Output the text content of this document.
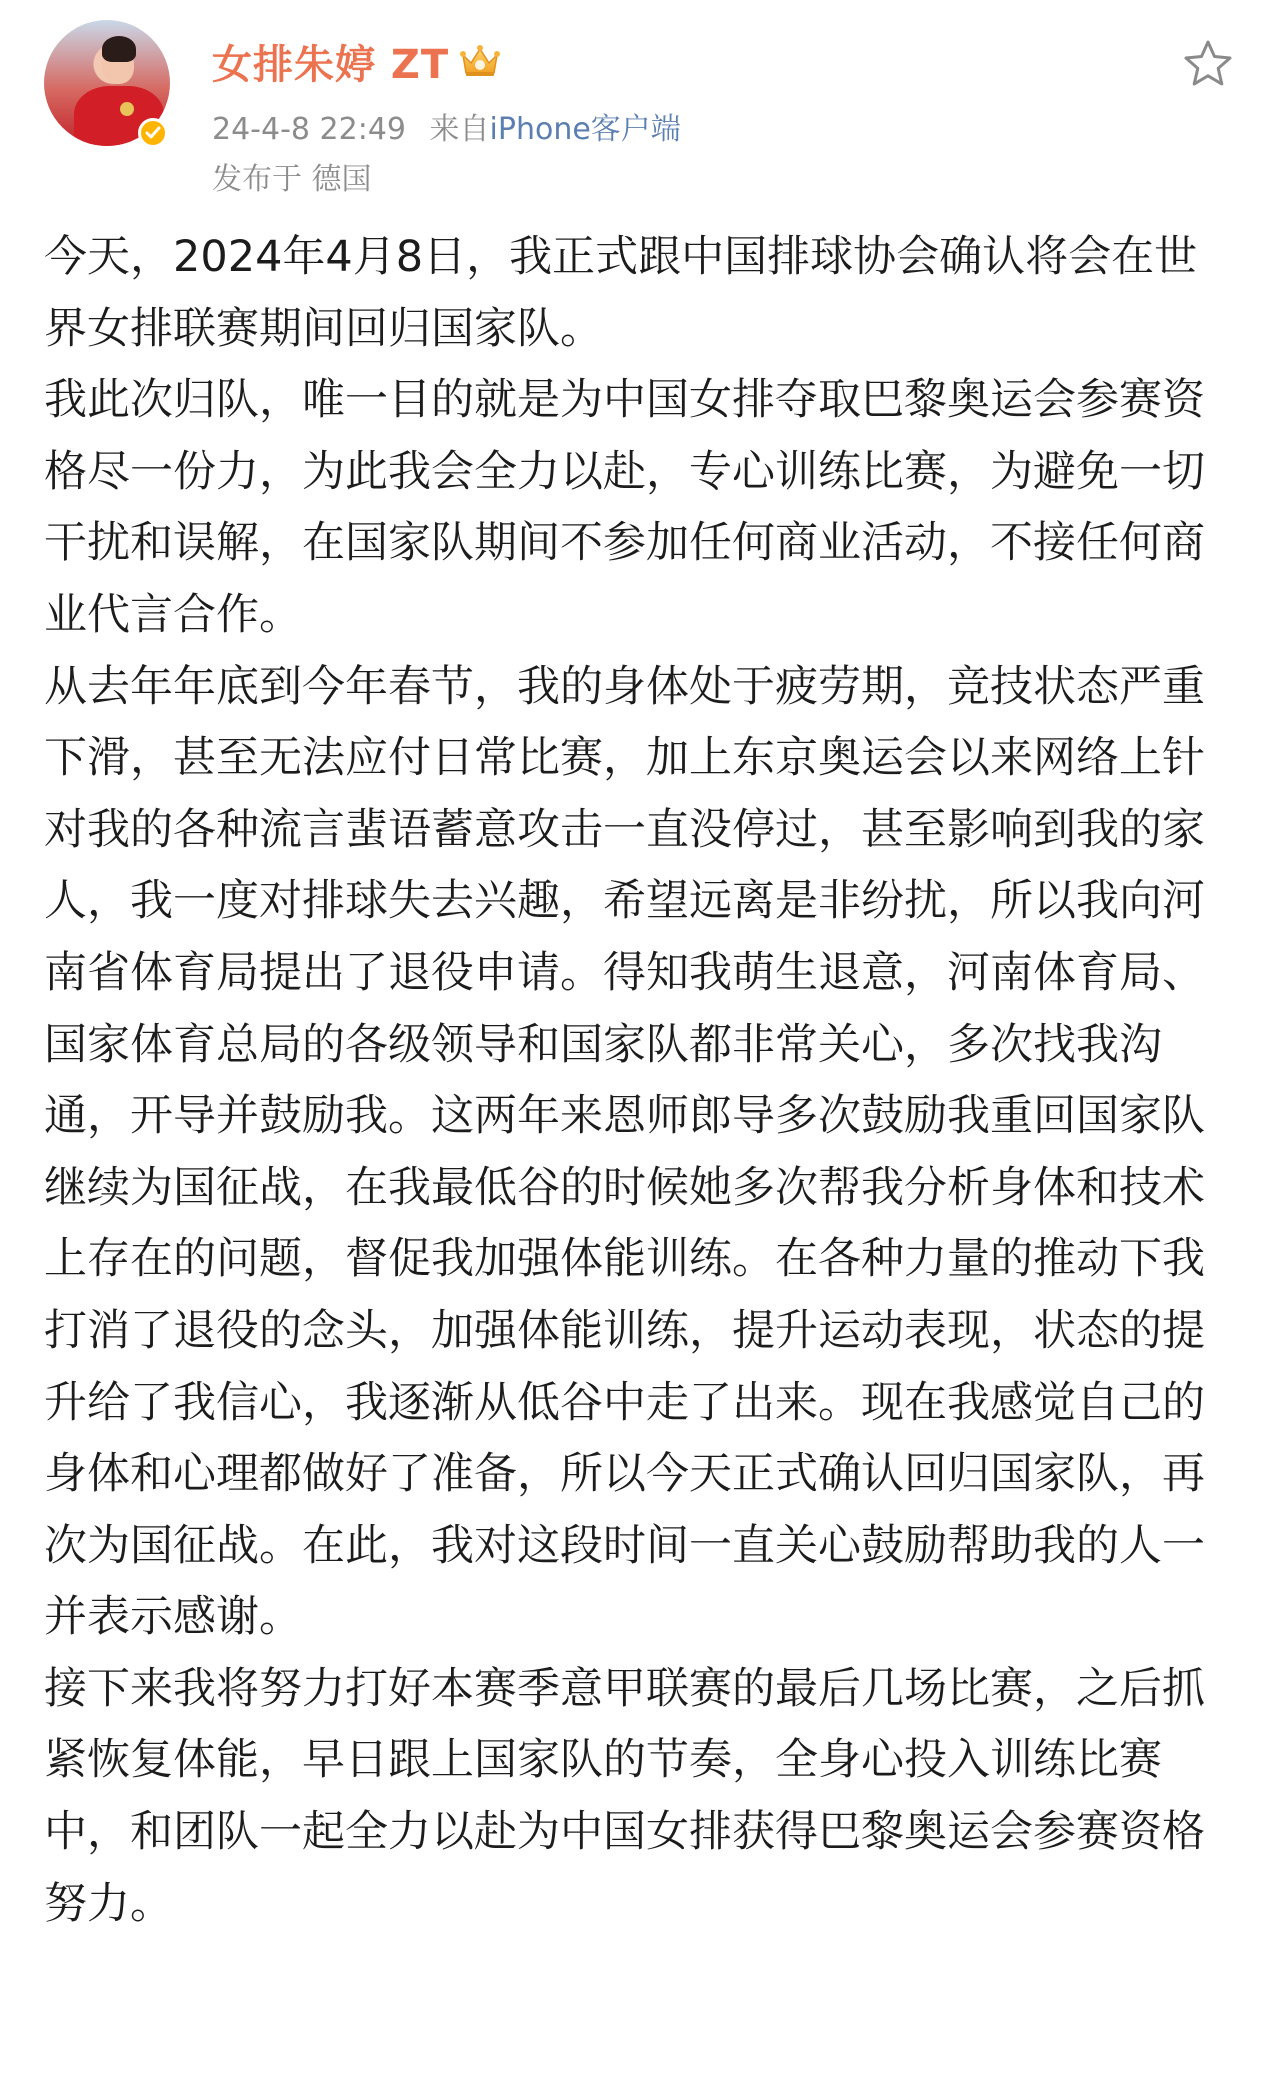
女排朱婷 ZT
24-4-8 22:49 来自iPhone客户端
发布于 德国

今天，2024年4月8日，我正式跟中国排球协会确认将会在世界女排联赛期间回归国家队。

我此次归队，唯一目的就是为中国女排夺取巴黎奥运会参赛资格尽一份力，为此我会全力以赴，专心训练比赛，为避免一切干扰和误解，在国家队期间不参加任何商业活动，不接任何商业代言合作。

从去年年底到今年春节，我的身体处于疲劳期，竞技状态严重下滑，甚至无法应付日常比赛，加上东京奥运会以来网络上针对我的各种流言蜚语蓄意攻击一直没停过，甚至影响到我的家人，我一度对排球失去兴趣，希望远离是非纷扰，所以我向河南省体育局提出了退役申请。得知我萌生退意，河南体育局、国家体育总局的各级领导和国家队都非常关心，多次找我沟通，开导并鼓励我。这两年来恩师郎导多次鼓励我重回国家队继续为国征战，在我最低谷的时候她多次帮我分析身体和技术上存在的问题，督促我加强体能训练。在各种力量的推动下我打消了退役的念头，加强体能训练，提升运动表现，状态的提升给了我信心，我逐渐从低谷中走了出来。现在我感觉自己的身体和心理都做好了准备，所以今天正式确认回归国家队，再次为国征战。在此，我对这段时间一直关心鼓励帮助我的人一并表示感谢。

接下来我将努力打好本赛季意甲联赛的最后几场比赛，之后抓紧恢复体能，早日跟上国家队的节奏，全身心投入训练比赛中，和团队一起全力以赴为中国女排获得巴黎奥运会参赛资格努力。
